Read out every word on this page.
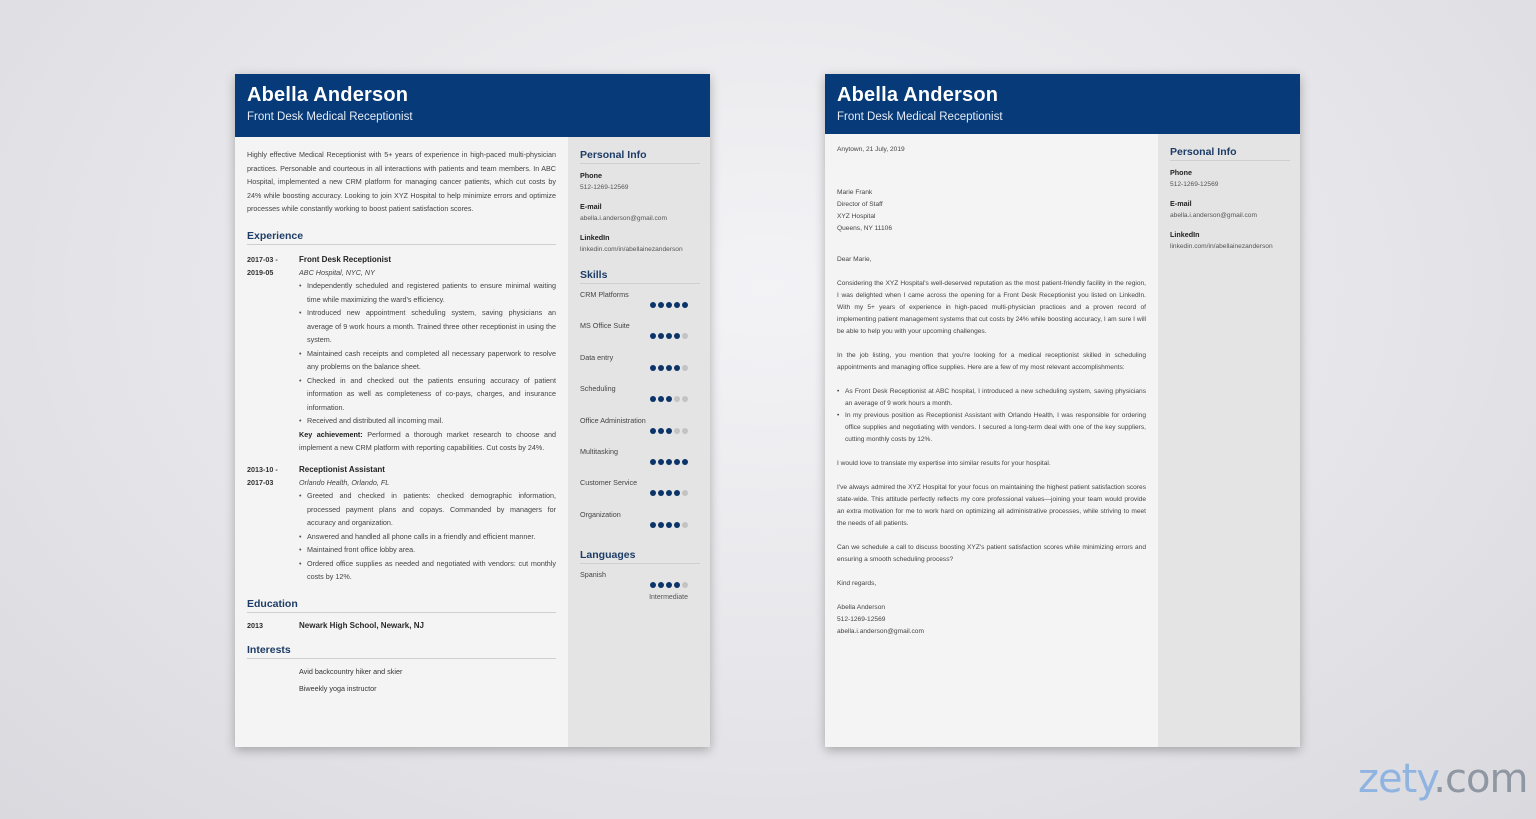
Abella Anderson
Front Desk Medical Receptionist
Highly effective Medical Receptionist with 5+ years of experience in high-paced multi-physician practices. Personable and courteous in all interactions with patients and team members. In ABC Hospital, implemented a new CRM platform for managing cancer patients, which cut costs by 24% while boosting accuracy. Looking to join XYZ Hospital to help minimize errors and optimize processes while constantly working to boost patient satisfaction scores.
Experience
2017-03 -
2019-05
Front Desk Receptionist
ABC Hospital, NYC, NY
• Independently scheduled and registered patients to ensure minimal waiting time while maximizing the ward's efficiency.
• Introduced new appointment scheduling system, saving physicians an average of 9 work hours a month. Trained three other receptionist in using the system.
• Maintained cash receipts and completed all necessary paperwork to resolve any problems on the balance sheet.
• Checked in and checked out the patients ensuring accuracy of patient information as well as completeness of co-pays, charges, and insurance information.
• Received and distributed all incoming mail.
Key achievement: Performed a thorough market research to choose and implement a new CRM platform with reporting capabilities. Cut costs by 24%.
2013-10 -
2017-03
Receptionist Assistant
Orlando Health, Orlando, FL
• Greeted and checked in patients: checked demographic information, processed payment plans and copays. Commanded by managers for accuracy and organization.
• Answered and handled all phone calls in a friendly and efficient manner.
• Maintained front office lobby area.
• Ordered office supplies as needed and negotiated with vendors: cut monthly costs by 12%.
Education
2013	Newark High School, Newark, NJ
Interests
Avid backcountry hiker and skier
Biweekly yoga instructor
Personal Info
Phone
512-1269-12569
E-mail
abella.i.anderson@gmail.com
LinkedIn
linkedin.com/in/abellainezanderson
Skills
CRM Platforms
MS Office Suite
Data entry
Scheduling
Office Administration
Multitasking
Customer Service
Organization
Languages
Spanish
Intermediate
Abella Anderson
Front Desk Medical Receptionist
Anytown, 21 July, 2019
Marie Frank
Director of Staff
XYZ Hospital
Queens, NY 11106
Dear Marie,
Considering the XYZ Hospital's well-deserved reputation as the most patient-friendly facility in the region, I was delighted when I came across the opening for a Front Desk Receptionist you listed on LinkedIn. With my 5+ years of experience in high-paced multi-physician practices and a proven record of implementing patient management systems that cut costs by 24% while boosting accuracy, I am sure I will be able to help you with your upcoming challenges.
In the job listing, you mention that you're looking for a medical receptionist skilled in scheduling appointments and managing office supplies. Here are a few of my most relevant accomplishments:
• As Front Desk Receptionist at ABC hospital, I introduced a new scheduling system, saving physicians an average of 9 work hours a month.
• In my previous position as Receptionist Assistant with Orlando Health, I was responsible for ordering office supplies and negotiating with vendors. I secured a long-term deal with one of the key suppliers, cutting monthly costs by 12%.
I would love to translate my expertise into similar results for your hospital.
I've always admired the XYZ Hospital for your focus on maintaining the highest patient satisfaction scores state-wide. This attitude perfectly reflects my core professional values—joining your team would provide an extra motivation for me to work hard on optimizing all administrative processes, while striving to meet the needs of all patients.
Can we schedule a call to discuss boosting XYZ's patient satisfaction scores while minimizing errors and ensuring a smooth scheduling process?
Kind regards,
Abella Anderson
512-1269-12569
abella.i.anderson@gmail.com
Personal Info
Phone
512-1269-12569
E-mail
abella.i.anderson@gmail.com
LinkedIn
linkedin.com/in/abellainezanderson
zety.com
